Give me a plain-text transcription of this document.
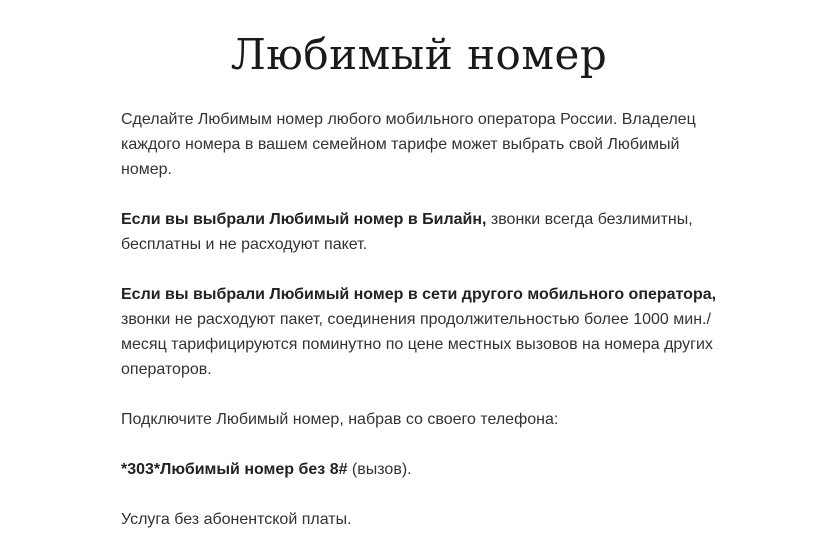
Любимый номер

Сделайте Любимым номер любого мобильного оператора России. Владелец каждого номера в вашем семейном тарифе может выбрать свой Любимый номер.

Если вы выбрали Любимый номер в Билайн, звонки всегда безлимитны, бесплатны и не расходуют пакет.

Если вы выбрали Любимый номер в сети другого мобильного оператора, звонки не расходуют пакет, соединения продолжительностью более 1000 мин./месяц тарифицируются поминутно по цене местных вызовов на номера других операторов.

Подключите Любимый номер, набрав со своего телефона:

*303*Любимый номер без 8# (вызов).

Услуга без абонентской платы.
